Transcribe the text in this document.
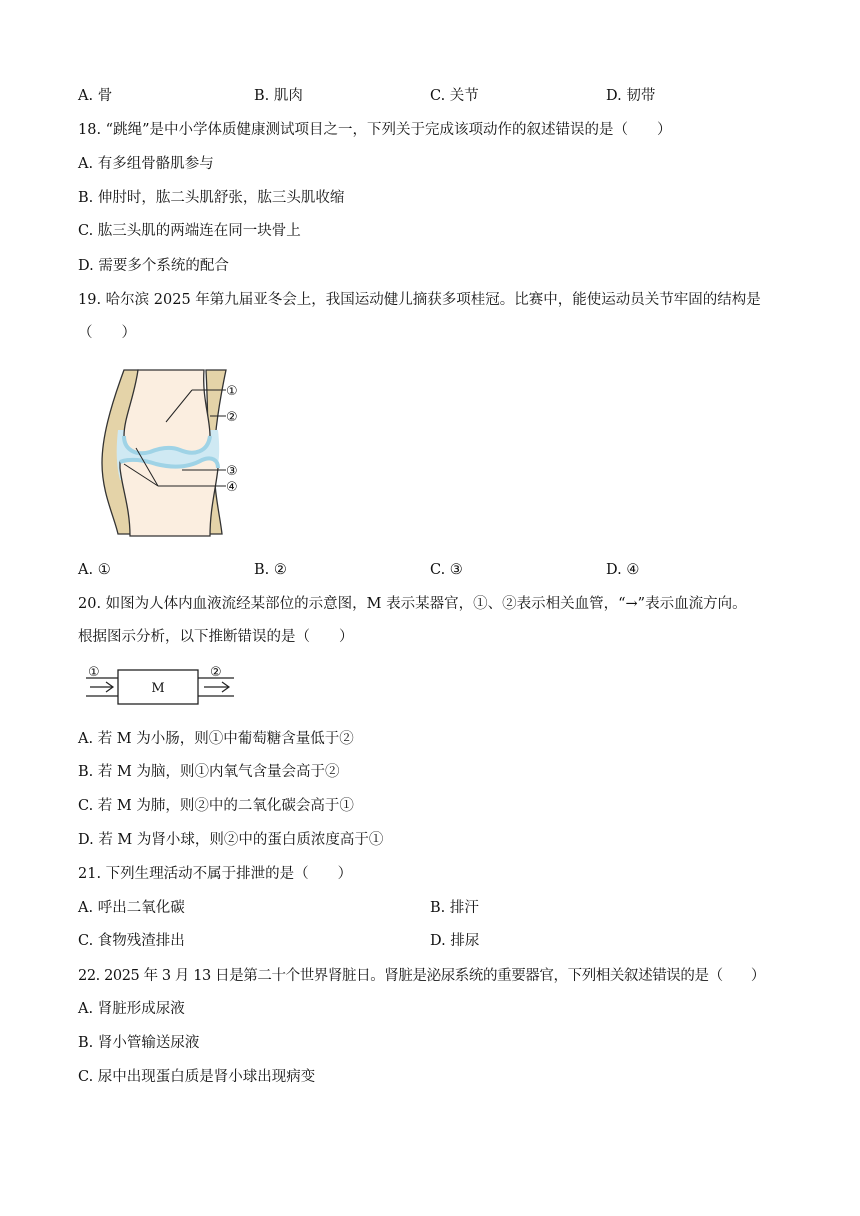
A. 骨	B. 肌肉	C. 关节	D. 韧带
18. “跳绳”是中小学体质健康测试项目之一，下列关于完成该项动作的叙述错误的是（　　）
A. 有多组骨骼肌参与
B. 伸肘时，肱二头肌舒张，肱三头肌收缩
C. 肱三头肌的两端连在同一块骨上
D. 需要多个系统的配合
19. 哈尔滨 2025 年第九届亚冬会上，我国运动健儿摘获多项桂冠。比赛中，能使运动员关节牢固的结构是
（　　）
①
②
③
④
A. ①	B. ②	C. ③	D. ④
20. 如图为人体内血液流经某部位的示意图，M 表示某器官，①、②表示相关血管，“→”表示血流方向。
根据图示分析，以下推断错误的是（　　）
M
①	②
A. 若 M 为小肠，则①中葡萄糖含量低于②
B. 若 M 为脑，则①内氧气含量会高于②
C. 若 M 为肺，则②中的二氧化碳会高于①
D. 若 M 为肾小球，则②中的蛋白质浓度高于①
21. 下列生理活动不属于排泄的是（　　）
A. 呼出二氧化碳	B. 排汗
C. 食物残渣排出	D. 排尿
22. 2025 年 3 月 13 日是第二十个世界肾脏日。肾脏是泌尿系统的重要器官，下列相关叙述错误的是（　　）
A. 肾脏形成尿液
B. 肾小管输送尿液
C. 尿中出现蛋白质是肾小球出现病变
